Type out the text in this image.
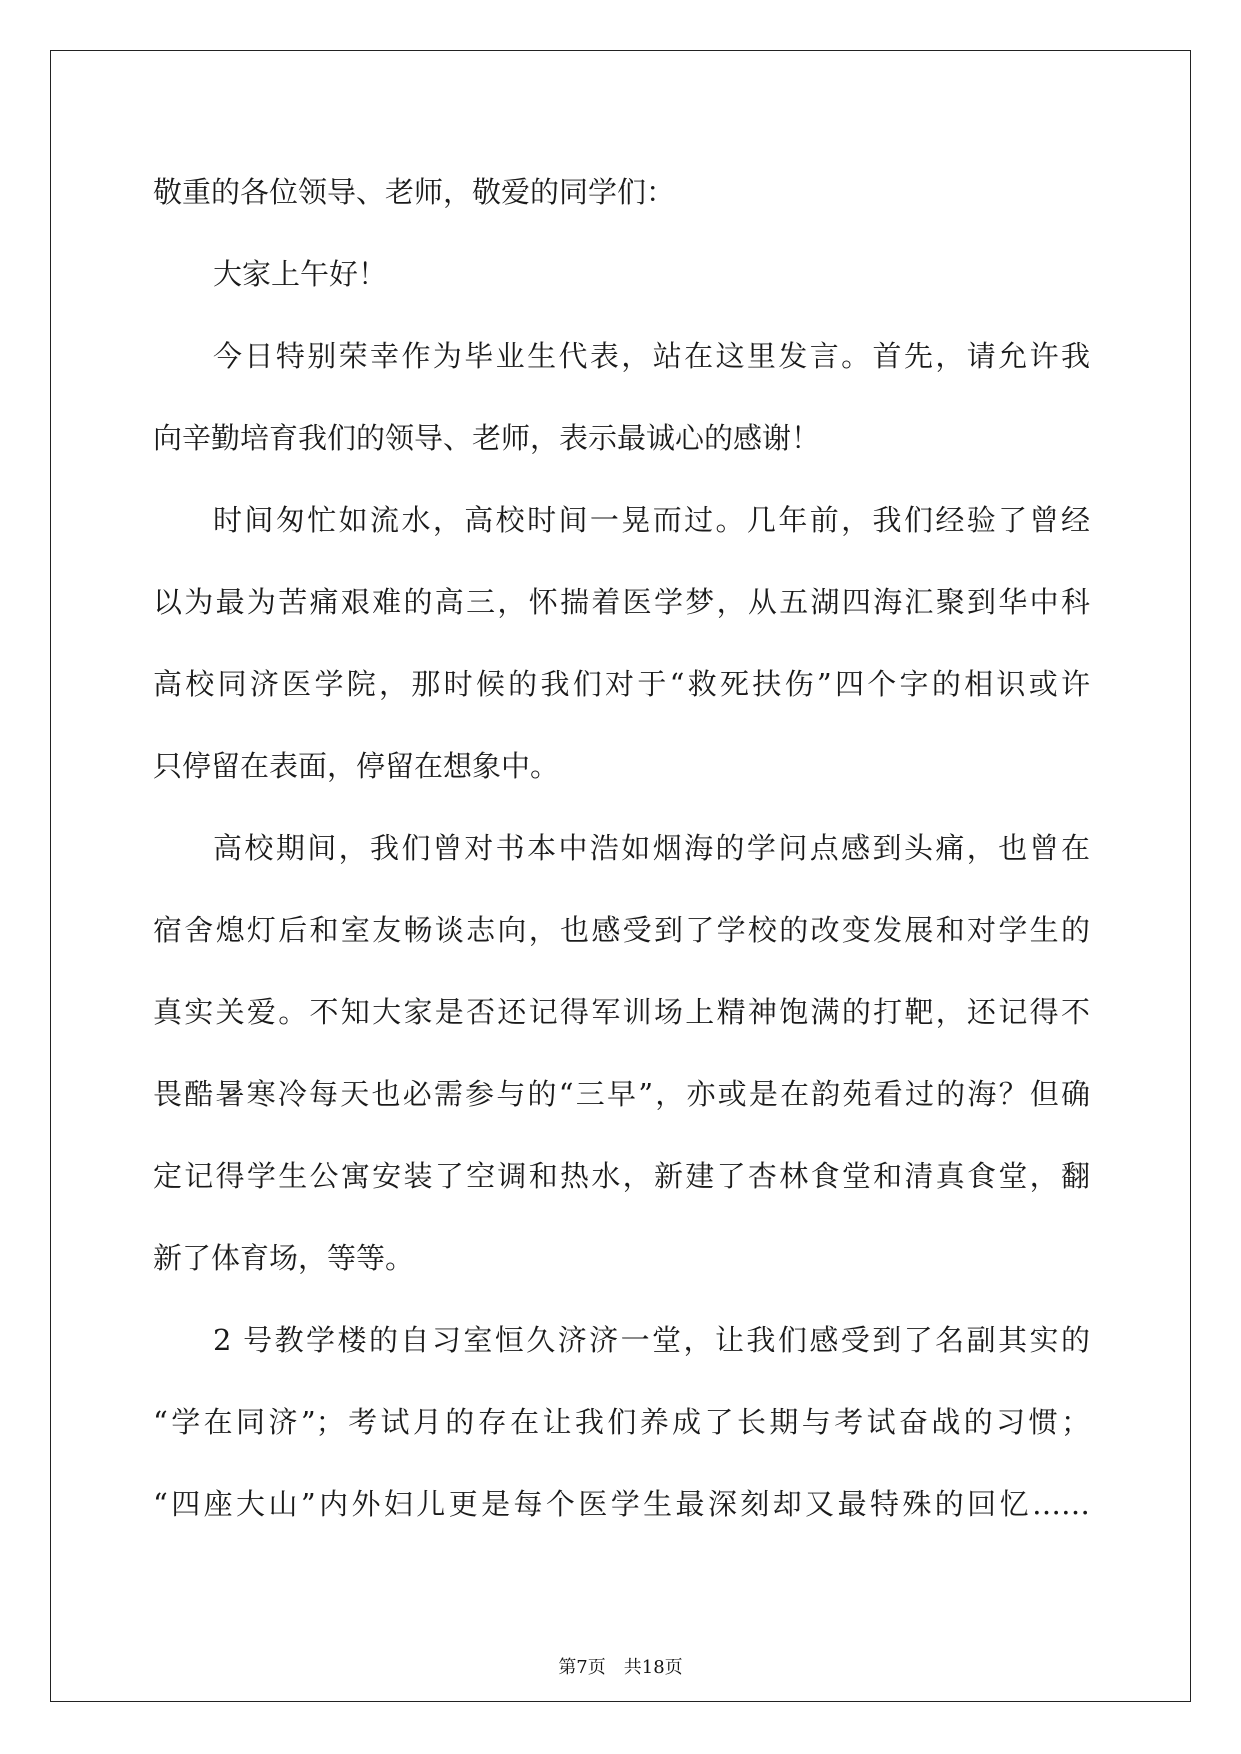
敬重的各位领导、老师，敬爱的同学们：
大家上午好！
今日特别荣幸作为毕业生代表，站在这里发言。首先，请允许我
向辛勤培育我们的领导、老师，表示最诚心的感谢！
时间匆忙如流水，高校时间一晃而过。几年前，我们经验了曾经
以为最为苦痛艰难的高三，怀揣着医学梦，从五湖四海汇聚到华中科
高校同济医学院，那时候的我们对于“救死扶伤”四个字的相识或许
只停留在表面，停留在想象中。
高校期间，我们曾对书本中浩如烟海的学问点感到头痛，也曾在
宿舍熄灯后和室友畅谈志向，也感受到了学校的改变发展和对学生的
真实关爱。不知大家是否还记得军训场上精神饱满的打靶，还记得不
畏酷暑寒冷每天也必需参与的“三早”，亦或是在韵苑看过的海？但确
定记得学生公寓安装了空调和热水，新建了杏林食堂和清真食堂，翻
新了体育场，等等。
2 号教学楼的自习室恒久济济一堂，让我们感受到了名副其实的
“学在同济”；考试月的存在让我们养成了长期与考试奋战的习惯；
“四座大山”内外妇儿更是每个医学生最深刻却又最特殊的回忆……
第7页　共18页
